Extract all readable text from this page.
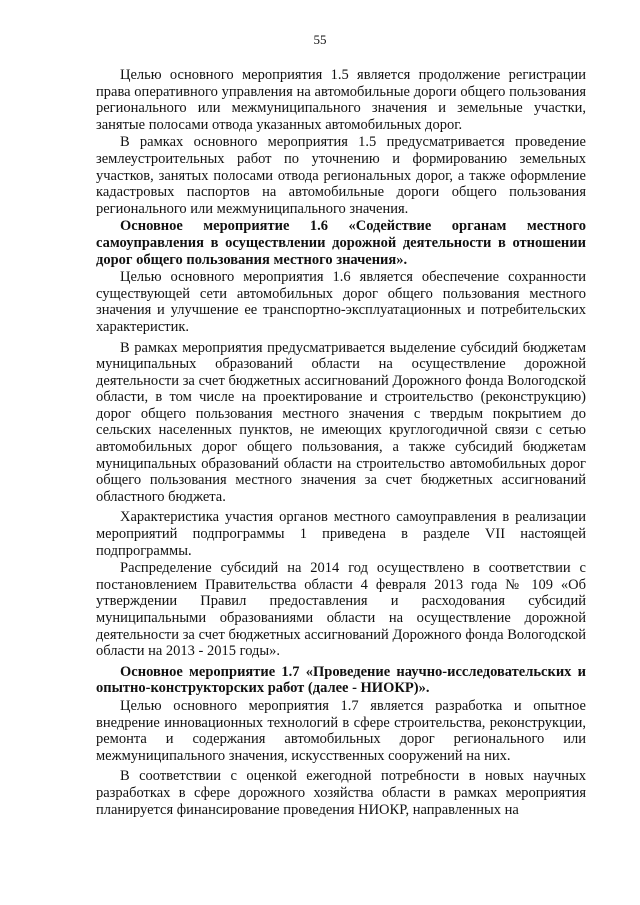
55

Целью основного мероприятия 1.5 является продолжение регистрации права оперативного управления на автомобильные дороги общего пользования регионального или межмуниципального значения и земельные участки, занятые полосами отвода указанных автомобильных дорог.

В рамках основного мероприятия 1.5 предусматривается проведение землеустроительных работ по уточнению и формированию земельных участков, занятых полосами отвода региональных дорог, а также оформление кадастровых паспортов на автомобильные дороги общего пользования регионального или межмуниципального значения.

Основное мероприятие 1.6 «Содействие органам местного самоуправления в осуществлении дорожной деятельности в отношении дорог общего пользования местного значения».

Целью основного мероприятия 1.6 является обеспечение сохранности существующей сети автомобильных дорог общего пользования местного значения и улучшение ее транспортно-эксплуатационных и потребительских характеристик.

В рамках мероприятия предусматривается выделение субсидий бюджетам муниципальных образований области на осуществление дорожной деятельности за счет бюджетных ассигнований Дорожного фонда Вологодской области, в том числе на проектирование и строительство (реконструкцию) дорог общего пользования местного значения с твердым покрытием до сельских населенных пунктов, не имеющих круглогодичной связи с сетью автомобильных дорог общего пользования, а также субсидий бюджетам муниципальных образований области на строительство автомобильных дорог общего пользования местного значения за счет бюджетных ассигнований областного бюджета.

Характеристика участия органов местного самоуправления в реализации мероприятий подпрограммы 1 приведена в разделе VII настоящей подпрограммы.

Распределение субсидий на 2014 год осуществлено в соответствии с постановлением Правительства области 4 февраля 2013 года № 109 «Об утверждении Правил предоставления и расходования субсидий муниципальными образованиями области на осуществление дорожной деятельности за счет бюджетных ассигнований Дорожного фонда Вологодской области на 2013 - 2015 годы».

Основное мероприятие 1.7 «Проведение научно-исследовательских и опытно-конструкторских работ (далее - НИОКР)».

Целью основного мероприятия 1.7 является разработка и опытное внедрение инновационных технологий в сфере строительства, реконструкции, ремонта и содержания автомобильных дорог регионального или межмуниципального значения, искусственных сооружений на них.

В соответствии с оценкой ежегодной потребности в новых научных разработках в сфере дорожного хозяйства области в рамках мероприятия планируется финансирование проведения НИОКР, направленных на
